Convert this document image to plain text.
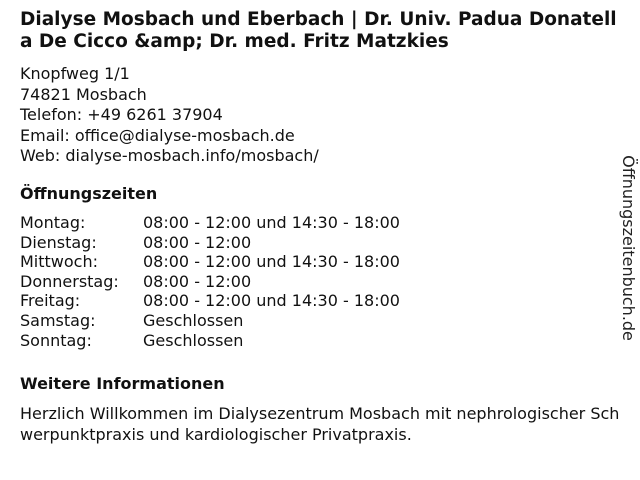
Dialyse Mosbach und Eberbach | Dr. Univ. Padua Donatella De Cicco &amp; Dr. med. Fritz Matzkies
Knopfweg 1/1
74821 Mosbach
Telefon: +49 6261 37904
Email: office@dialyse-mosbach.de
Web: dialyse-mosbach.info/mosbach/
Öffnungszeiten
Montag:	08:00 - 12:00 und 14:30 - 18:00
Dienstag:	08:00 - 12:00
Mittwoch:	08:00 - 12:00 und 14:30 - 18:00
Donnerstag: 08:00 - 12:00
Freitag:	08:00 - 12:00 und 14:30 - 18:00
Samstag:	Geschlossen
Sonntag:	Geschlossen
Weitere Informationen
Herzlich Willkommen im Dialysezentrum Mosbach mit nephrologischer Schwerpunktpraxis und kardiologischer Privatpraxis.
Öffnungszeitenbuch.de
